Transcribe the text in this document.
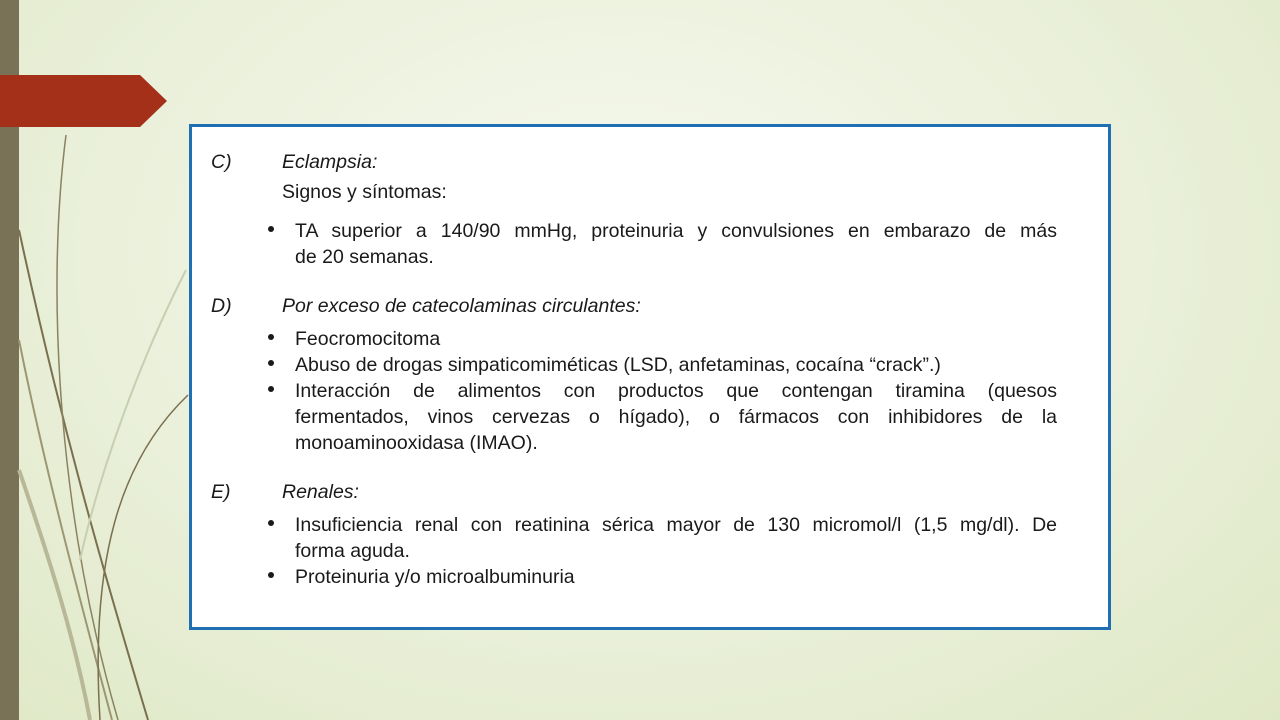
C)	Eclampsia:
Signos y síntomas:
TA superior a 140/90 mmHg, proteinuria y convulsiones en embarazo de más
de 20 semanas.
D)	Por exceso de catecolaminas circulantes:
Feocromocitoma
Abuso de drogas simpaticomiméticas (LSD, anfetaminas, cocaína “crack”.)
Interacción de alimentos con productos que contengan tiramina (quesos
fermentados, vinos cervezas o hígado), o fármacos con inhibidores de la
monoaminooxidasa (IMAO).
E)	Renales:
Insuficiencia renal con reatinina sérica mayor de 130 micromol/l (1,5 mg/dl). De
forma aguda.
Proteinuria y/o microalbuminuria
